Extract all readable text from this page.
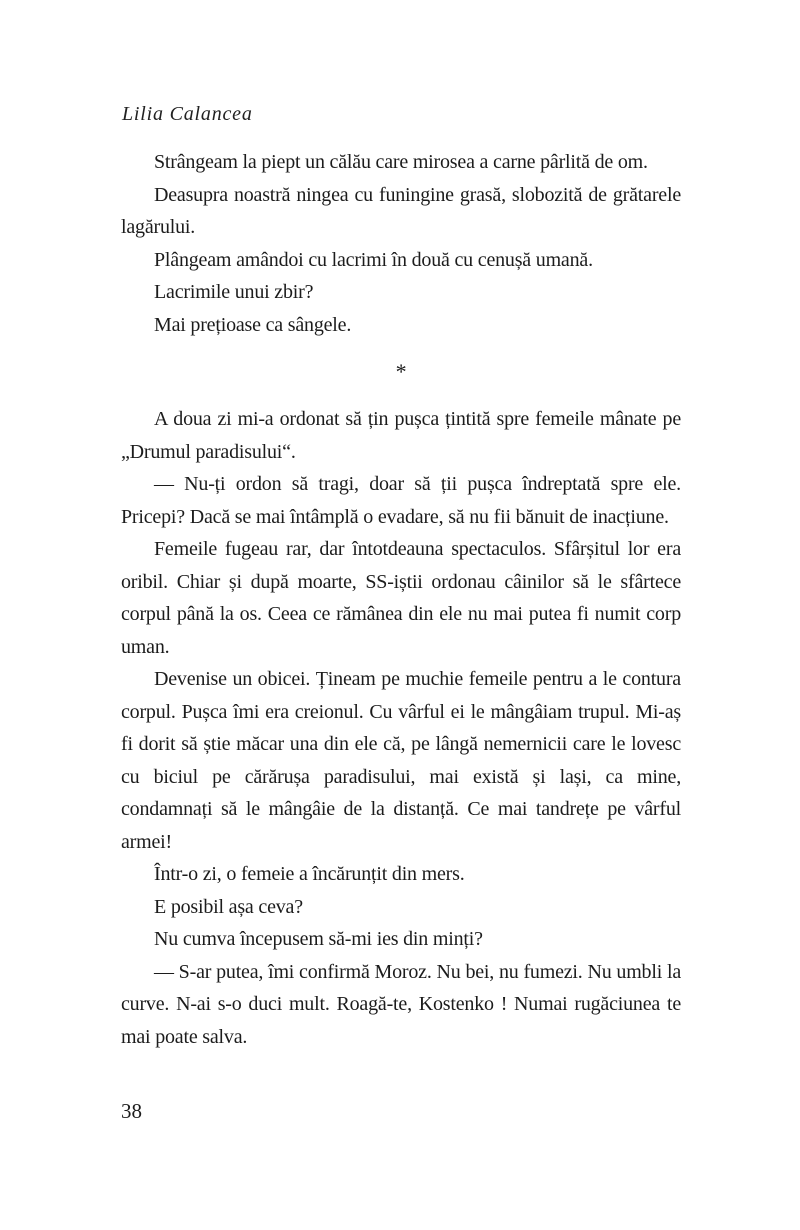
Lilia Calancea

Strângeam la piept un călău care mirosea a carne pârlită de om.

Deasupra noastră ningea cu funingine grasă, slobozită de grătarele lagărului.

Plângeam amândoi cu lacrimi în două cu cenușă umană.

Lacrimile unui zbir?

Mai prețioase ca sângele.

*

A doua zi mi-a ordonat să țin pușca țintită spre femeile mânate pe „Drumul paradisului“.

— Nu-ți ordon să tragi, doar să ții pușca îndreptată spre ele. Pricepi? Dacă se mai întâmplă o evadare, să nu fii bănuit de inacțiune.

Femeile fugeau rar, dar întotdeauna spectaculos. Sfârșitul lor era oribil. Chiar și după moarte, SS-iștii ordonau câinilor să le sfârtece corpul până la os. Ceea ce rămânea din ele nu mai putea fi numit corp uman.

Devenise un obicei. Țineam pe muchie femeile pentru a le contura corpul. Pușca îmi era creionul. Cu vârful ei le mângâiam trupul. Mi-aș fi dorit să știe măcar una din ele că, pe lângă nemernicii care le lovesc cu biciul pe cărărușa paradisului, mai există și lași, ca mine, condamnați să le mângâie de la distanță. Ce mai tandrețe pe vârful armei!

Într-o zi, o femeie a încărunțit din mers.

E posibil așa ceva?

Nu cumva începusem să-mi ies din minți?

— S-ar putea, îmi confirmă Moroz. Nu bei, nu fumezi. Nu umbli la curve. N-ai s-o duci mult. Roagă-te, Kostenko ! Numai rugăciunea te mai poate salva.

38
